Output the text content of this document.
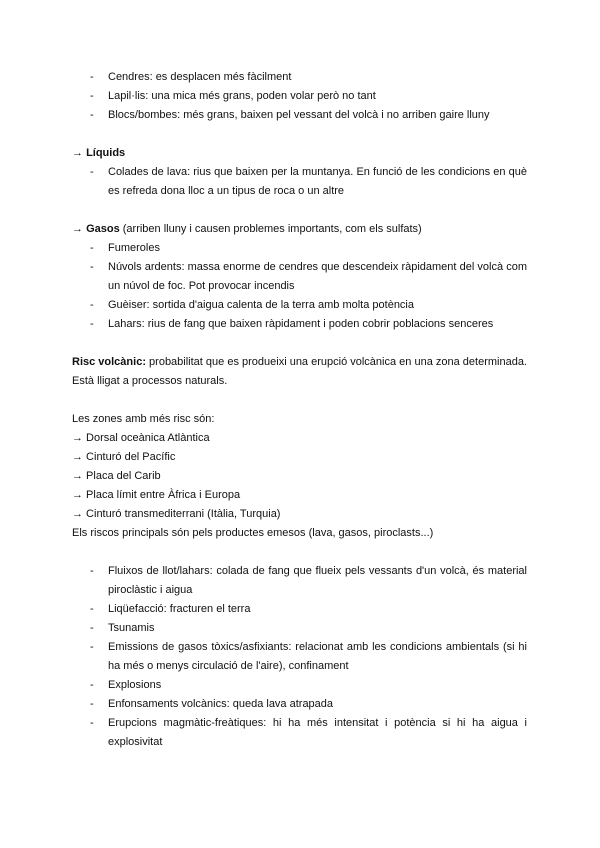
- Cendres: es desplacen més fàcilment
- Lapil·lis: una mica més grans, poden volar però no tant
- Blocs/bombes: més grans, baixen pel vessant del volcà i no arriben gaire lluny

→ Líquids

- Colades de lava: rius que baixen per la muntanya. En funció de les condicions en què es refreda dona lloc a un tipus de roca o un altre

→ Gasos (arriben lluny i causen problemes importants, com els sulfats)

- Fumeroles
- Núvols ardents: massa enorme de cendres que descendeix ràpidament del volcà com un núvol de foc. Pot provocar incendis
- Guèiser: sortida d'aigua calenta de la terra amb molta potència
- Lahars: rius de fang que baixen ràpidament i poden cobrir poblacions senceres

Risc volcànic: probabilitat que es produeixi una erupció volcànica en una zona determinada. Està lligat a processos naturals.

Les zones amb més risc són:

→ Dorsal oceànica Atlàntica

→ Cinturó del Pacífic

→ Placa del Carib

→ Placa límit entre Àfrica i Europa

→ Cinturó transmediterrani (Itàlia, Turquia)

Els riscos principals són pels productes emesos (lava, gasos, piroclasts...)

- Fluixos de llot/lahars: colada de fang que flueix pels vessants d'un volcà, és material piroclàstic i aigua
- Liqüefacció: fracturen el terra
- Tsunamis
- Emissions de gasos tòxics/asfixiants: relacionat amb les condicions ambientals (si hi ha més o menys circulació de l'aire), confinament
- Explosions
- Enfonsaments volcànics: queda lava atrapada
- Erupcions magmàtic-freàtiques: hi ha més intensitat i potència si hi ha aigua i explosivitat
